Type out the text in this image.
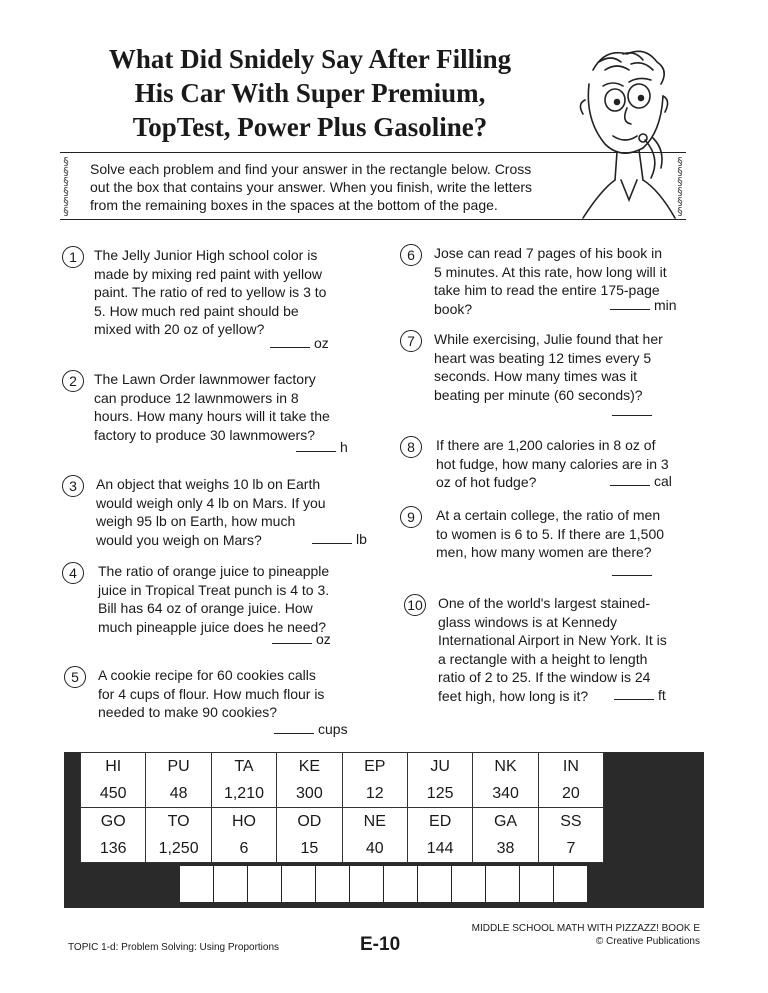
What Did Snidely Say After Filling
His Car With Super Premium,
TopTest, Power Plus Gasoline?
§
§
§
§
§
§
Solve each problem and find your answer in the rectangle below. Cross
out the box that contains your answer. When you finish, write the letters
from the remaining boxes in the spaces at the bottom of the page.
§
§
§
§
§
§
1	The Jelly Junior High school color is
made by mixing red paint with yellow
paint. The ratio of red to yellow is 3 to
5. How much red paint should be
mixed with 20 oz of yellow?
oz
2	The Lawn Order lawnmower factory
can produce 12 lawnmowers in 8
hours. How many hours will it take the
factory to produce 30 lawnmowers?
h
3	An object that weighs 10 lb on Earth
would weigh only 4 lb on Mars. If you
weigh 95 lb on Earth, how much
would you weigh on Mars?	lb
4	The ratio of orange juice to pineapple
juice in Tropical Treat punch is 4 to 3.
Bill has 64 oz of orange juice. How
much pineapple juice does he need?
oz
5	A cookie recipe for 60 cookies calls
for 4 cups of flour. How much flour is
needed to make 90 cookies?
cups
6	Jose can read 7 pages of his book in
5 minutes. At this rate, how long will it
take him to read the entire 175-page
book?	min
7	While exercising, Julie found that her
heart was beating 12 times every 5
seconds. How many times was it
beating per minute (60 seconds)?
8	If there are 1,200 calories in 8 oz of
hot fudge, how many calories are in 3
oz of hot fudge?	cal
9	At a certain college, the ratio of men
to women is 6 to 5. If there are 1,500
men, how many women are there?
10 One of the world's largest stained-
glass windows is at Kennedy
International Airport in New York. It is
a rectangle with a height to length
ratio of 2 to 25. If the window is 24
feet high, how long is it?	ft
HI	PU	TA	KE	EP	JU	NK	IN
450	48	1,210	300	12	125	340	20
GO	TO	HO	OD	NE	ED	GA	SS
136	1,250	6	15	40	144	38	7
TOPIC 1-d: Problem Solving: Using Proportions	E-10
MIDDLE SCHOOL MATH WITH PIZZAZZ! BOOK E
© Creative Publications
